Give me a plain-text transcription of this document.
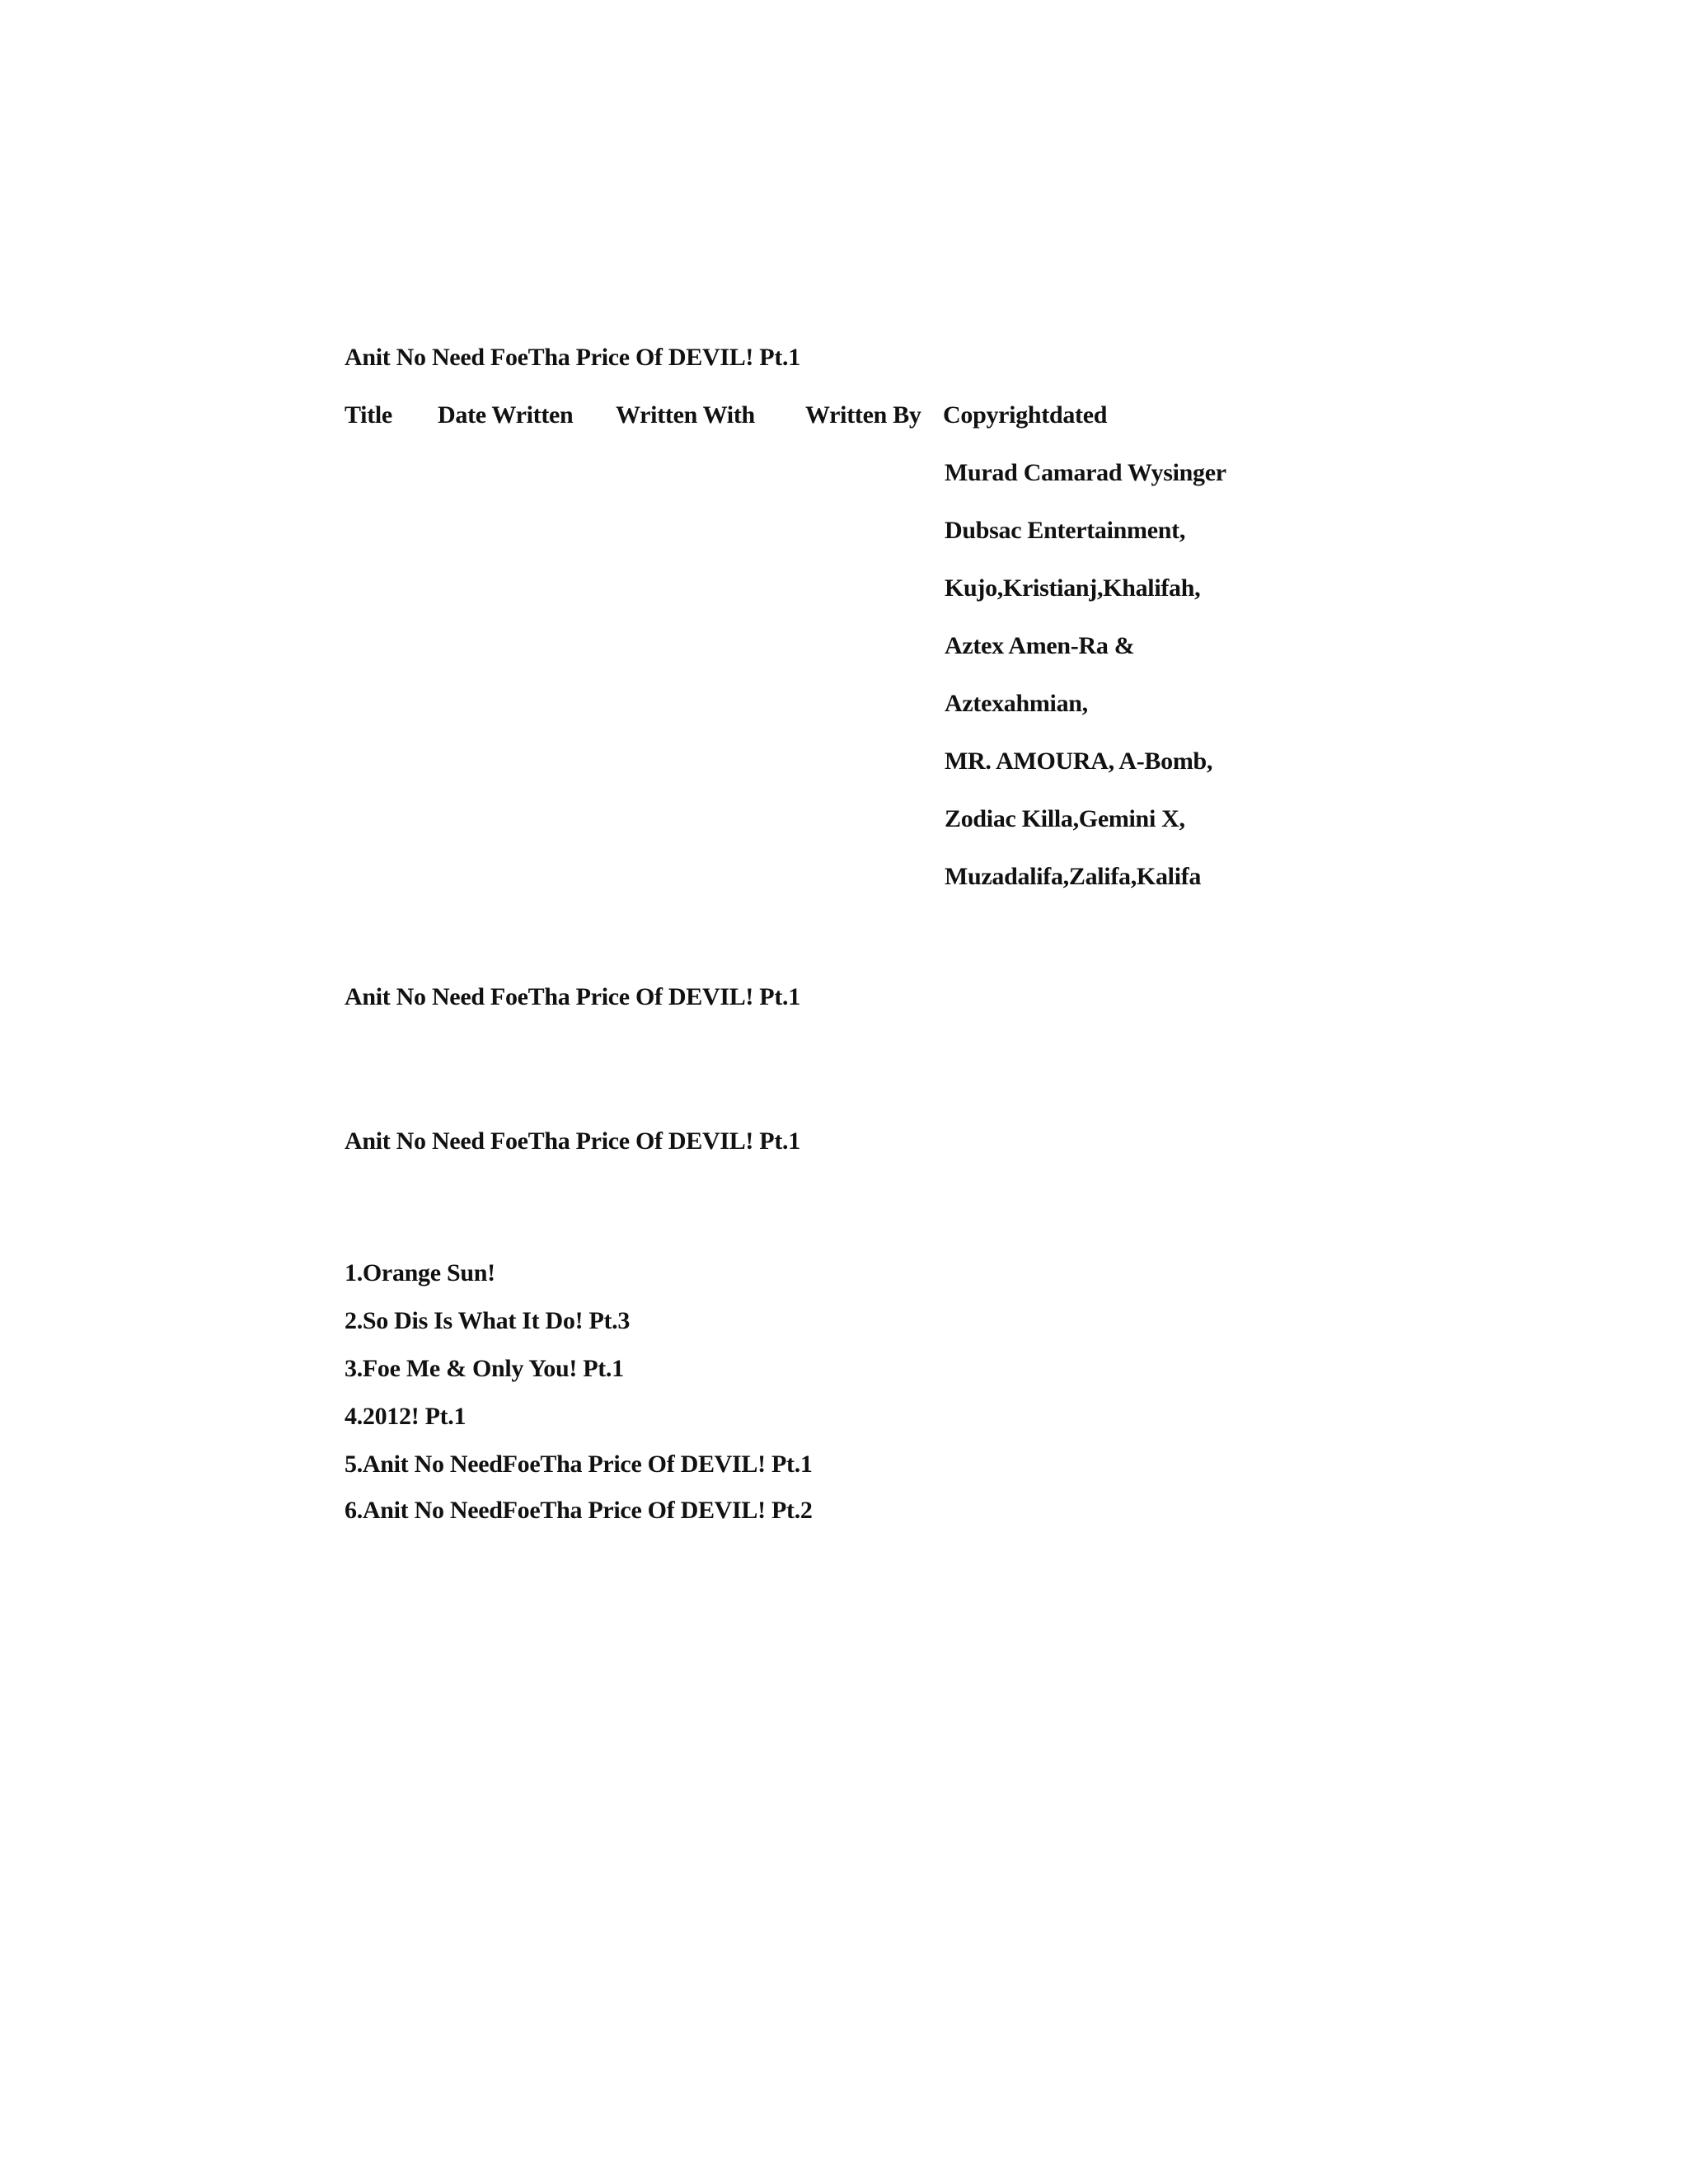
Anit No Need FoeTha Price Of DEVIL! Pt.1
Title Date Written Written With Written By Copyrightdated
Murad Camarad Wysinger
Dubsac Entertainment,
Kujo,Kristianj,Khalifah,
Aztex Amen-Ra &
Aztexahmian,
MR. AMOURA, A-Bomb,
Zodiac Killa,Gemini X,
Muzadalifa,Zalifa,Kalifa
Anit No Need FoeTha Price Of DEVIL! Pt.1
Anit No Need FoeTha Price Of DEVIL! Pt.1
1.Orange Sun!
2.So Dis Is What It Do! Pt.3
3.Foe Me & Only You! Pt.1
4.2012! Pt.1
5.Anit No NeedFoeTha Price Of DEVIL! Pt.1
6.Anit No NeedFoeTha Price Of DEVIL! Pt.2
